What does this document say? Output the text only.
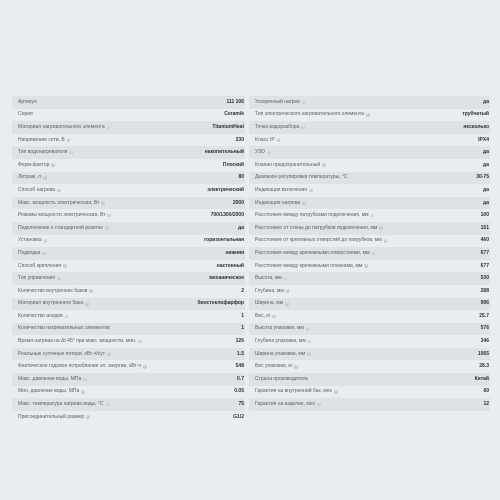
Артикул	111 106
Серия	Ceramik
Материал нагревательного элемента	i	TitaniumHeat
Напряжение сети, В	i	230
Тип водонагревателя	i	накопительный
Форм-фактор	i	Плоский
Литраж, л	i	80
Способ нагрева	i	электрический
Макс. мощность электрическая, Вт	i	2000
Режимы мощности электрическая, Вт	i	700/1300/2000
Подключение к стандартной розетке	i	да
Установка	i	горизонтальная
Подводка	i	нижняя
Способ крепления	i	настенный
Тип управления	i	механическое
Количество внутренних баков	i	2
Материал внутреннего бака	i	биостеклофарфор
Количество анодов	i	1
Количество нагревательных элементов	1
Время нагрева на Δt 45° при макс. мощности, мин.	i	126
Реальные суточные потери, кВт·ч/сут	i	1.5
Фактическое годовое потребление эл. энергии, кВт·ч	i	548
Макс. давление воды, МПа	i	0.7
Мин. давление воды, МПа	i	0.05
Макс. температура нагрева воды, °С	i	75
Присоединительный размер	i	G1/2
Ускоренный нагрев	i	да
Тип электрического нагревательного элемента	i	трубчатый
Точка водоразбора	i	несколько
Класс IP	i	IPX4
УЗО	i	да
Клапан предохранительный	i	да
Диапазон регулировки температуры, °С	30-75
Индикация включения	i	да
Индикация нагрева	i	да
Расстояние между патрубками подключения, мм	i	100
Расстояние от стены до патрубков подключения, мм	i	151
Расстояние от крепежных отверстий до патрубков, мм	i	460
Расстояние между крепежными отверстиями, мм	i	677
Расстояние между крепежными планками, мм	i	677
Высота, мм	i	530
Глубина, мм	i	288
Ширина, мм	i	996
Вес, кг	i	25.7
Высота упаковки, мм	i	576
Глубина упаковки, мм	i	346
Ширина упаковки, мм	i	1065
Вес упаковки, кг	i	28.3
Страна производитель	Китай
Гарантия на внутренний бак, мес	i	60
Гарантия на изделие, мес	i	12
